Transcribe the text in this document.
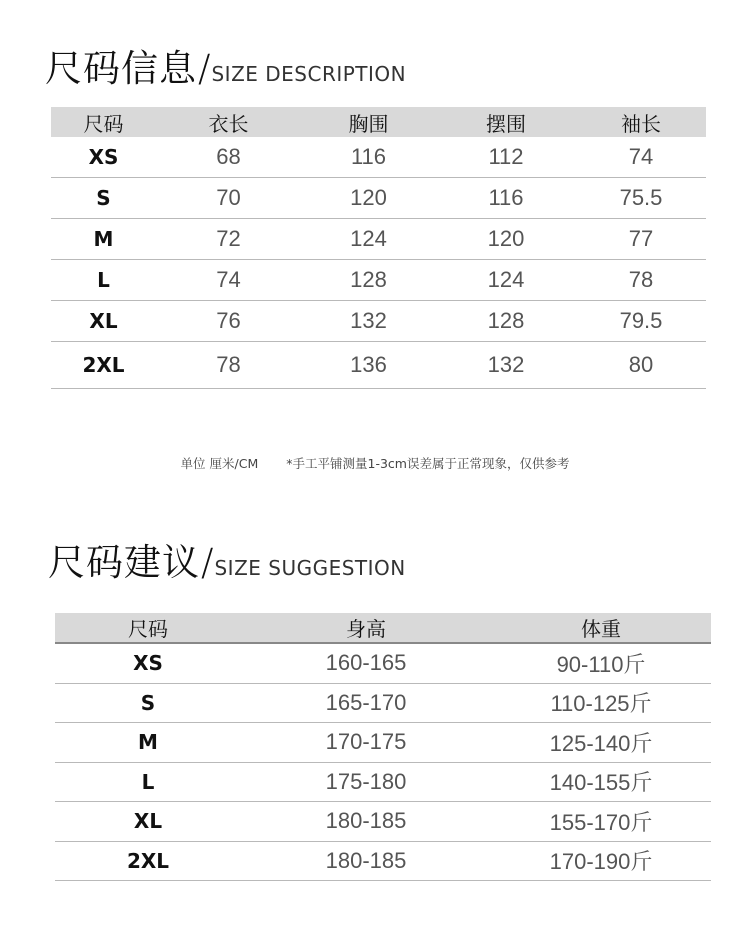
尺码信息 / SIZE DESCRIPTION
尺码	衣长	胸围	摆围	袖长
XS	68	116	112	74
S	70	120	116	75.5
M	72	124	120	77
L	74	128	124	78
XL	76	132	128	79.5
2XL	78	136	132	80
单位 厘米/CM *手工平铺测量1-3cm误差属于正常现象，仅供参考
尺码建议 / SIZE SUGGESTION
尺码	身高	体重
XS	160-165	90-110斤
S	165-170	110-125斤
M	170-175	125-140斤
L	175-180	140-155斤
XL	180-185	155-170斤
2XL	180-185	170-190斤
